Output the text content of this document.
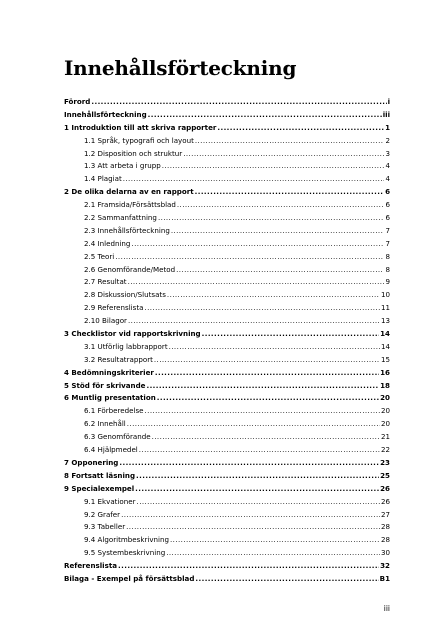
Innehållsförteckning
Förord .....	i
Innehållsförteckning .....	iii
1 Introduktion till att skriva rapporter .....	1
1.1 Språk, typografi och layout .....	2
1.2 Disposition och struktur .....	3
1.3 Att arbeta i grupp .....	4
1.4 Plagiat .....	4
2 De olika delarna av en rapport .....	6
2.1 Framsida/Försättsblad .....	6
2.2 Sammanfattning .....	6
2.3 Innehållsförteckning .....	7
2.4 Inledning .....	7
2.5 Teori .....	8
2.6 Genomförande/Metod .....	8
2.7 Resultat .....	9
2.8 Diskussion/Slutsats .....	10
2.9 Referenslista .....	11
2.10 Bilagor .....	13
3 Checklistor vid rapportskrivning .....	14
3.1 Utförlig labbrapport .....	14
3.2 Resultatrapport .....	15
4 Bedömningskriterier .....	16
5 Stöd för skrivande .....	18
6 Muntlig presentation .....	20
6.1 Förberedelse .....	20
6.2 Innehåll .....	20
6.3 Genomförande .....	21
6.4 Hjälpmedel .....	22
7 Opponering .....	23
8 Fortsatt läsning .....	25
9 Specialexempel .....	26
9.1 Ekvationer .....	26
9.2 Grafer .....	27
9.3 Tabeller .....	28
9.4 Algoritmbeskrivning .....	28
9.5 Systembeskrivning .....	30
Referenslista .....	32
Bilaga - Exempel på försättsblad .....	B1
iii
